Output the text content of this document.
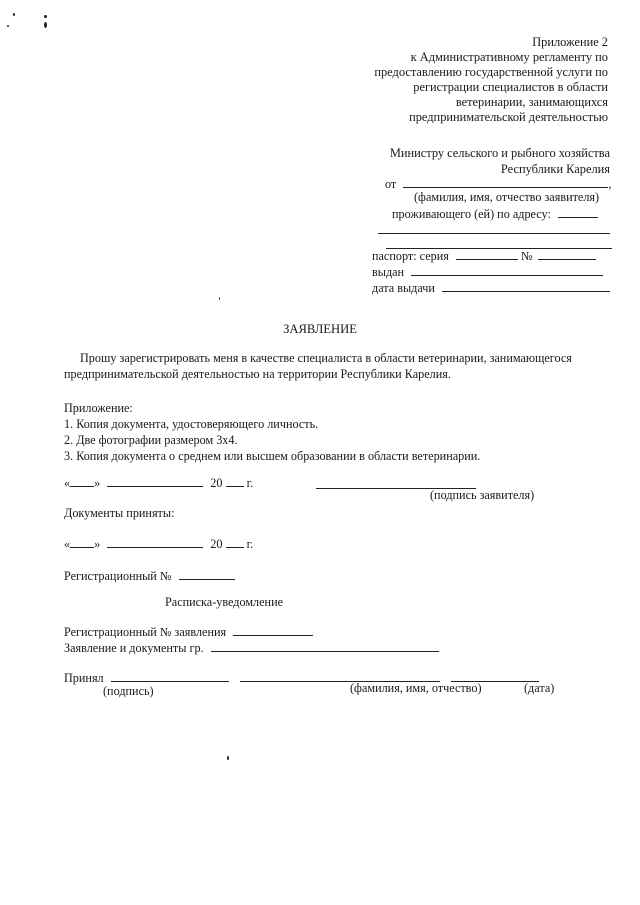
Приложение 2
к Административному регламенту по
предоставлению государственной услуги по
регистрации специалистов в области
ветеринарии, занимающихся
предпринимательской деятельностью
Министру сельского и рыбного хозяйства
Республики Карелия
от	,
(фамилия, имя, отчество заявителя)
проживающего (ей) по адресу:
паспорт: серия	№
выдан
дата выдачи
ЗАЯВЛЕНИЕ
Прошу зарегистрировать меня в качестве специалиста в области ветеринарии, занимающегося
предпринимательской деятельностью на территории Республики Карелия.
Приложение:
1. Копия документа, удостоверяющего личность.
2. Две фотографии размером 3х4.
3. Копия документа о среднем или высшем образовании в области ветеринарии.
« »	20 г.
(подпись заявителя)
Документы приняты:
« »	20 г.
Регистрационный №
Расписка-уведомление
Регистрационный № заявления
Заявление и документы гр.
Принял
(подпись)	(фамилия, имя, отчество)	(дата)
